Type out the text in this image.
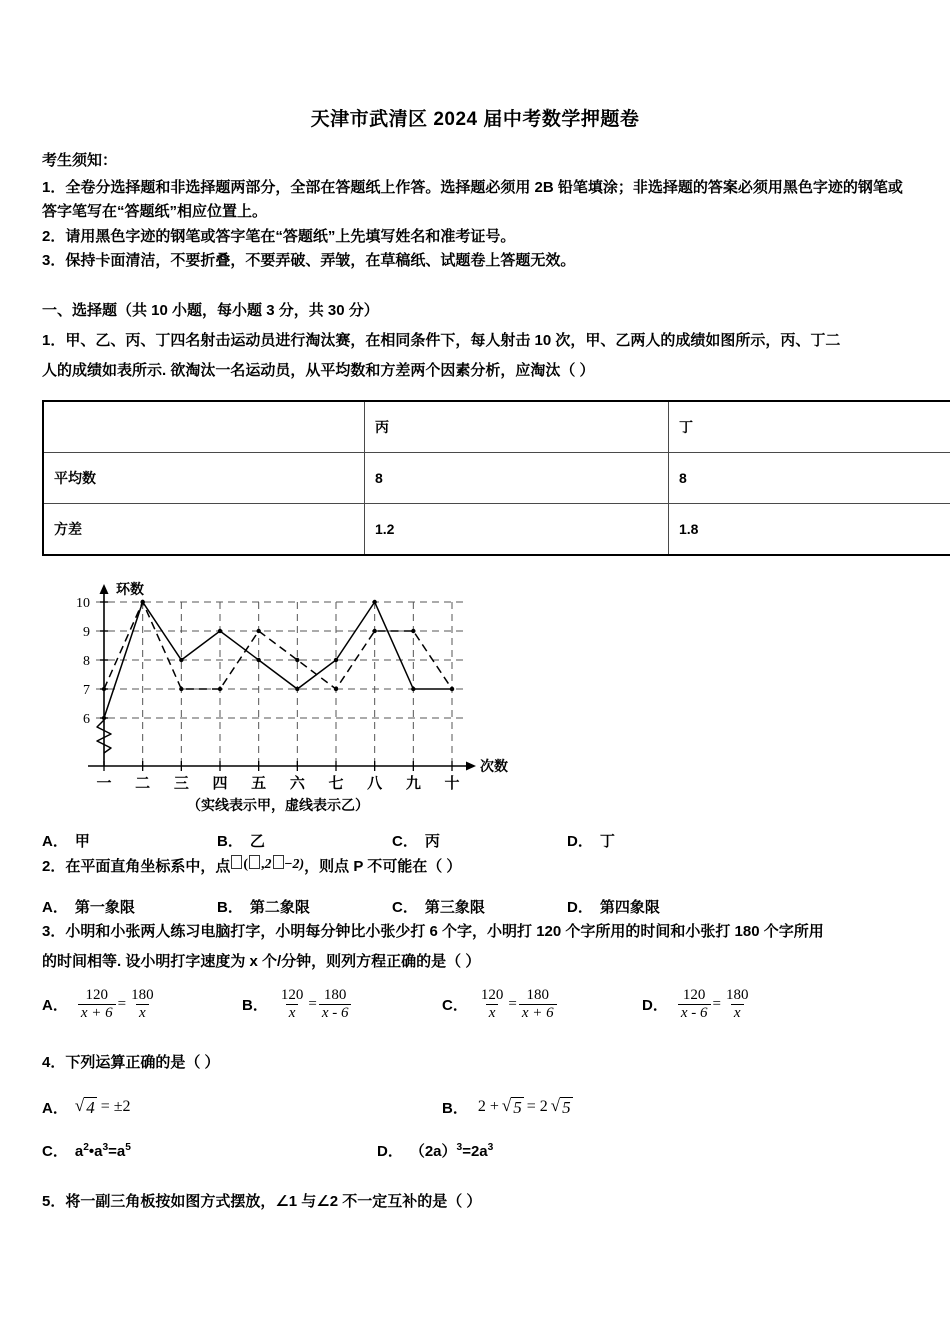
天津市武清区 2024 届中考数学押题卷
考生须知：

1．全卷分选择题和非选择题两部分，全部在答题纸上作答。选择题必须用 2B 铅笔填涂；非选择题的答案必须用黑色字迹的钢笔或答字笔写在“答题纸”相应位置上。

2．请用黑色字迹的钢笔或答字笔在“答题纸”上先填写姓名和准考证号。

3．保持卡面清洁，不要折叠，不要弄破、弄皱，在草稿纸、试题卷上答题无效。

一、选择题（共 10 小题，每小题 3 分，共 30 分）

1．甲、乙、丙、丁四名射击运动员进行淘汰赛，在相同条件下，每人射击 10 次，甲、乙两人的成绩如图所示，丙、丁二

人的成绩如表所示. 欲淘汰一名运动员，从平均数和方差两个因素分析，应淘汰（ ）

	丙	丁
平均数	8	8
方差	1.2	1.8
6
7
8
9
10
一 二 三 四 五 六 七 八 九 十
环数
次数
（实线表示甲，虚线表示乙）
A． 甲	B． 乙	C． 丙	D． 丁

2．在平面直角坐标系中，点 ( ,2 −2)，则点 P 不可能在（ ）

A． 第一象限	B． 第二象限	C． 第三象限	D． 第四象限

3．小明和小张两人练习电脑打字，小明每分钟比小张少打 6 个字，小明打 120 个字所用的时间和小张打 180 个字所用

的时间相等. 设小明打字速度为 x 个/分钟，则列方程正确的是（ ）

A． $\frac{120}{x + 6} = \frac{180}{x}$	B． $\frac{120}{x} = \frac{180}{x - 6}$	C． $\frac{120}{x} = \frac{180}{x + 6}$	D． $\frac{120}{x - 6} = \frac{180}{x}$

4．下列运算正确的是（ ）

A． √ 4 = ±2	B． 2 + √ 5 = 2 √ 5
C． $a^2•a^3=a^5$	D． $(2a)^3=2a^3$

5．将一副三角板按如图方式摆放，∠1 与∠2 不一定互补的是（ ）
